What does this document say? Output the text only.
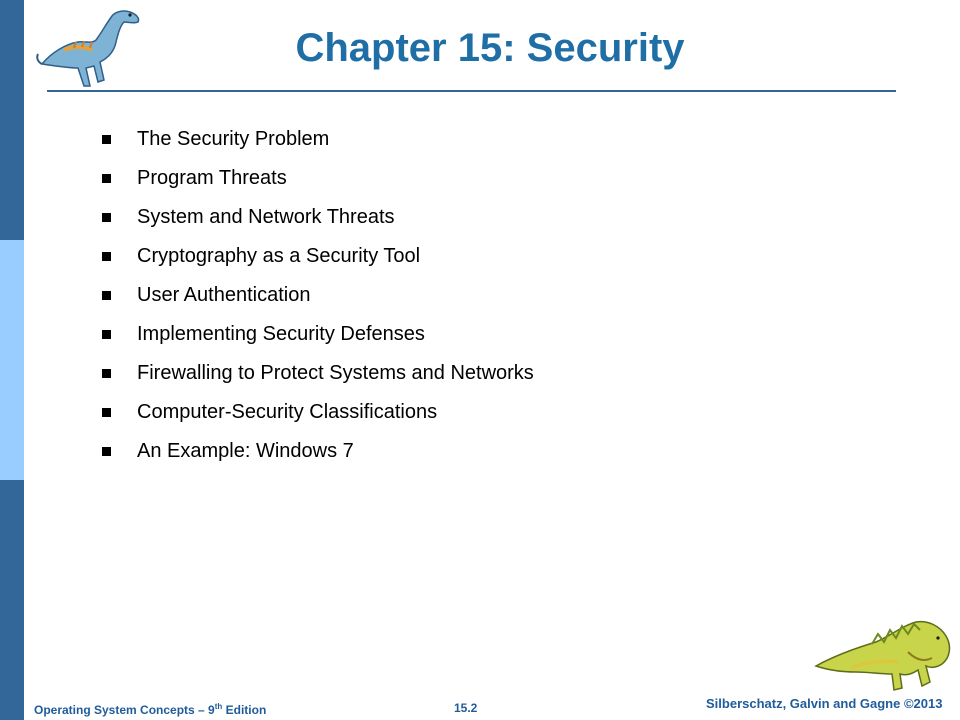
Chapter 15: Security
The Security Problem
Program Threats
System and Network Threats
Cryptography as a Security Tool
User Authentication
Implementing Security Defenses
Firewalling to Protect Systems and Networks
Computer-Security Classifications
An Example: Windows 7
Operating System Concepts – 9th Edition	15.2	Silberschatz, Galvin and Gagne ©2013
